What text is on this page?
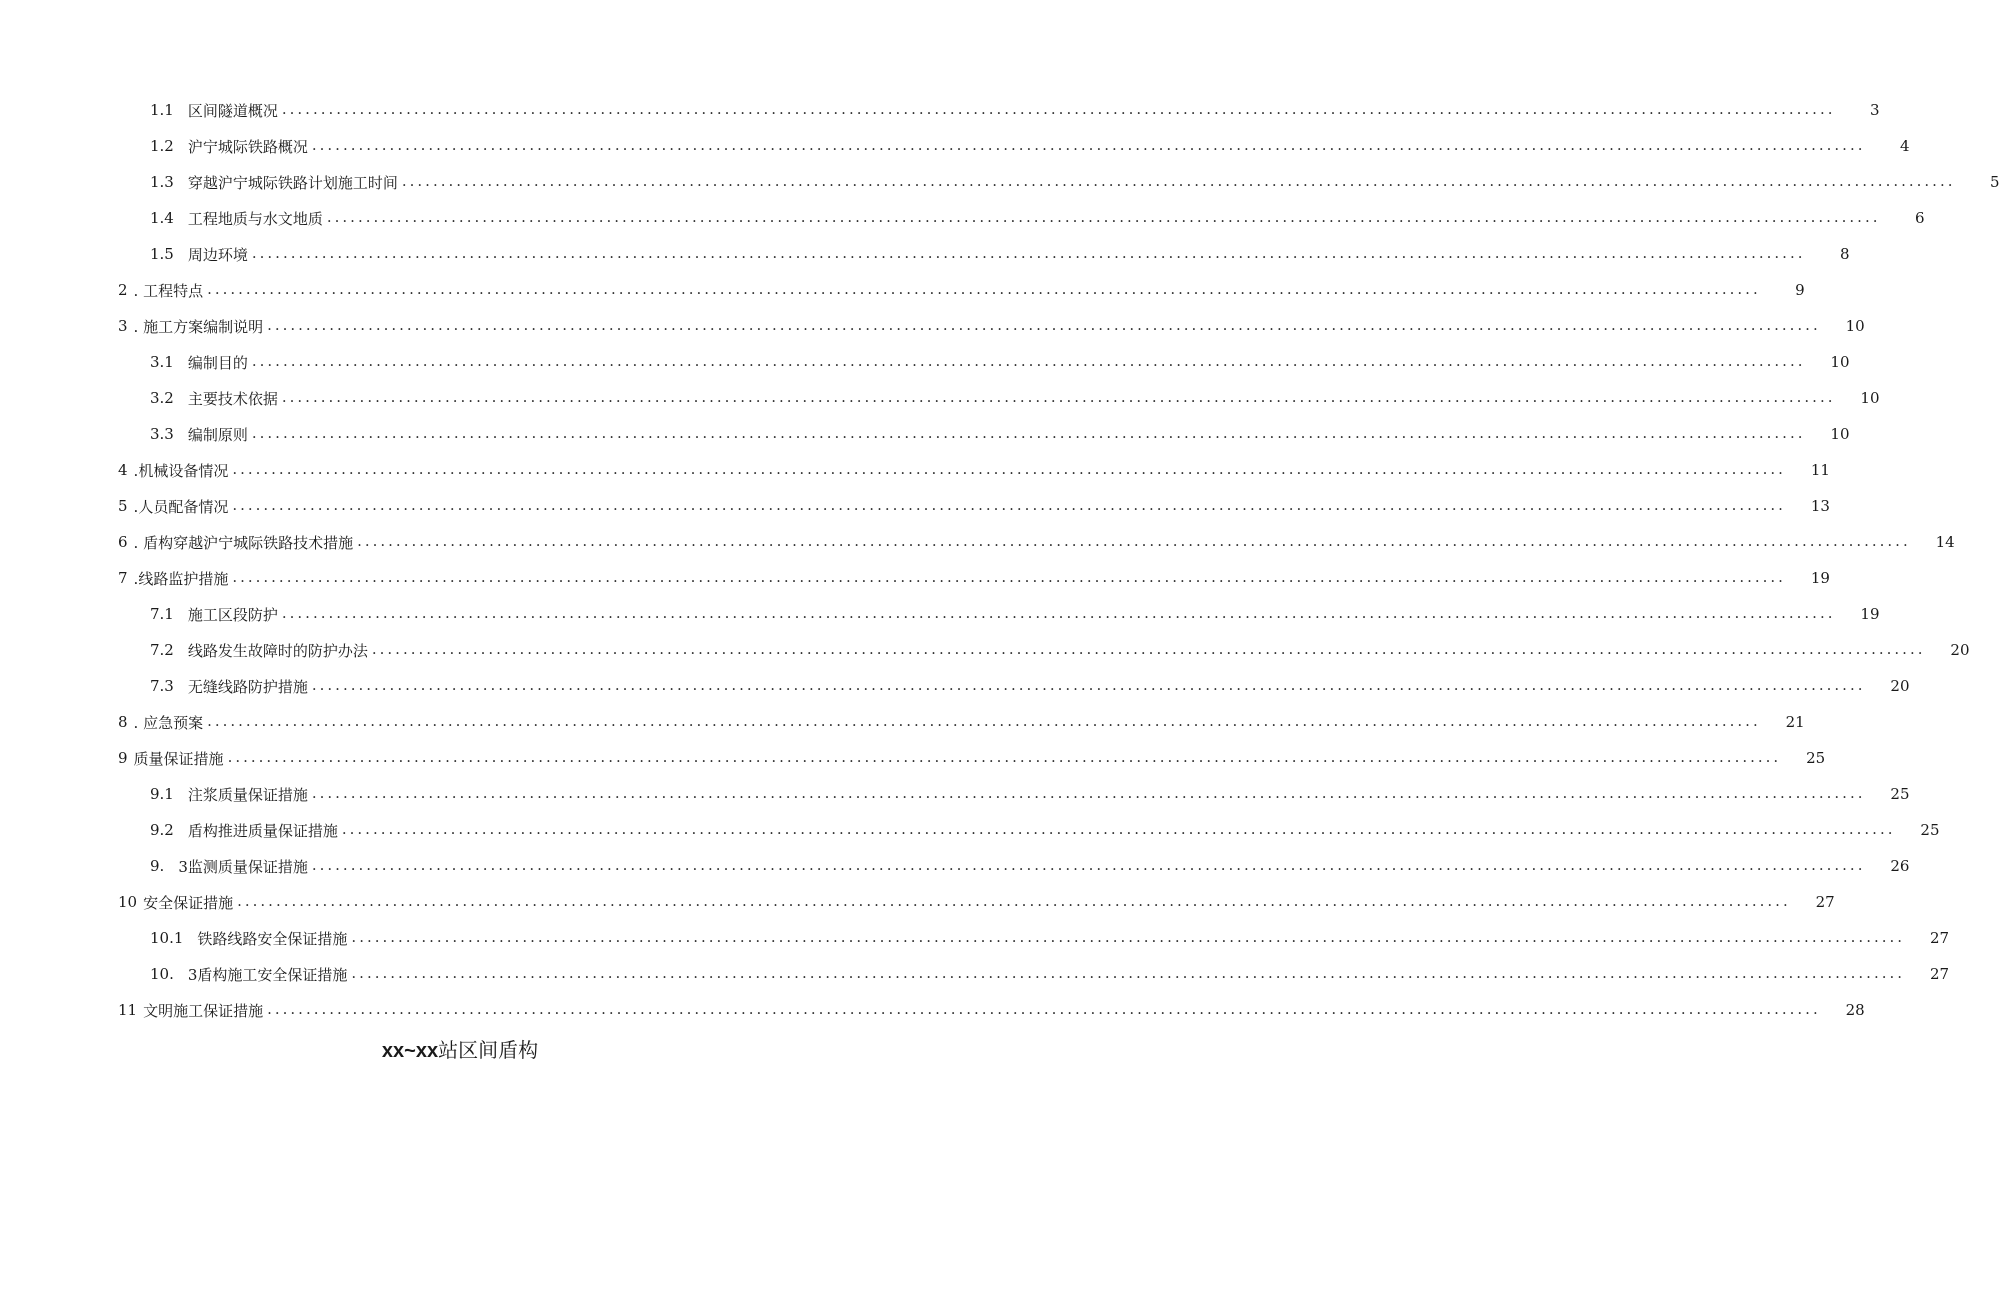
1.1 区间隧道概况 ........................................................................................................................................................................................................	3
1.2 沪宁城际铁路概况 ........................................................................................................................................................................................................	4
1.3 穿越沪宁城际铁路计划施工时间 ........................................................................................................................................................................................................	5
1.4 工程地质与水文地质 ........................................................................................................................................................................................................	6
1.5 周边环境 ........................................................................................................................................................................................................	8
2 . 工程特点 ........................................................................................................................................................................................................	9
3 . 施工方案编制说明 ........................................................................................................................................................................................................	10
3.1 编制目的 ........................................................................................................................................................................................................	10
3.2 主要技术依据 ........................................................................................................................................................................................................	10
3.3 编制原则 ........................................................................................................................................................................................................	10
4 .机械设备情况 ........................................................................................................................................................................................................	11
5 .人员配备情况 ........................................................................................................................................................................................................	13
6 . 盾构穿越沪宁城际铁路技术措施 ........................................................................................................................................................................................................	14
7 .线路监护措施 ........................................................................................................................................................................................................	19
7.1 施工区段防护 ........................................................................................................................................................................................................	19
7.2 线路发生故障时的防护办法 ........................................................................................................................................................................................................	20
7.3 无缝线路防护措施 ........................................................................................................................................................................................................	20
8 . 应急预案 ........................................................................................................................................................................................................	21
9 质量保证措施 ........................................................................................................................................................................................................	25
9.1 注浆质量保证措施 ........................................................................................................................................................................................................	25
9.2 盾构推进质量保证措施 ........................................................................................................................................................................................................	25
9. 3监测质量保证措施 ........................................................................................................................................................................................................	26
10 安全保证措施 ........................................................................................................................................................................................................	27
10.1 铁路线路安全保证措施 ........................................................................................................................................................................................................	27
10. 3盾构施工安全保证措施 ........................................................................................................................................................................................................	27
11 文明施工保证措施 ........................................................................................................................................................................................................	28
xx~xx站区间盾构
